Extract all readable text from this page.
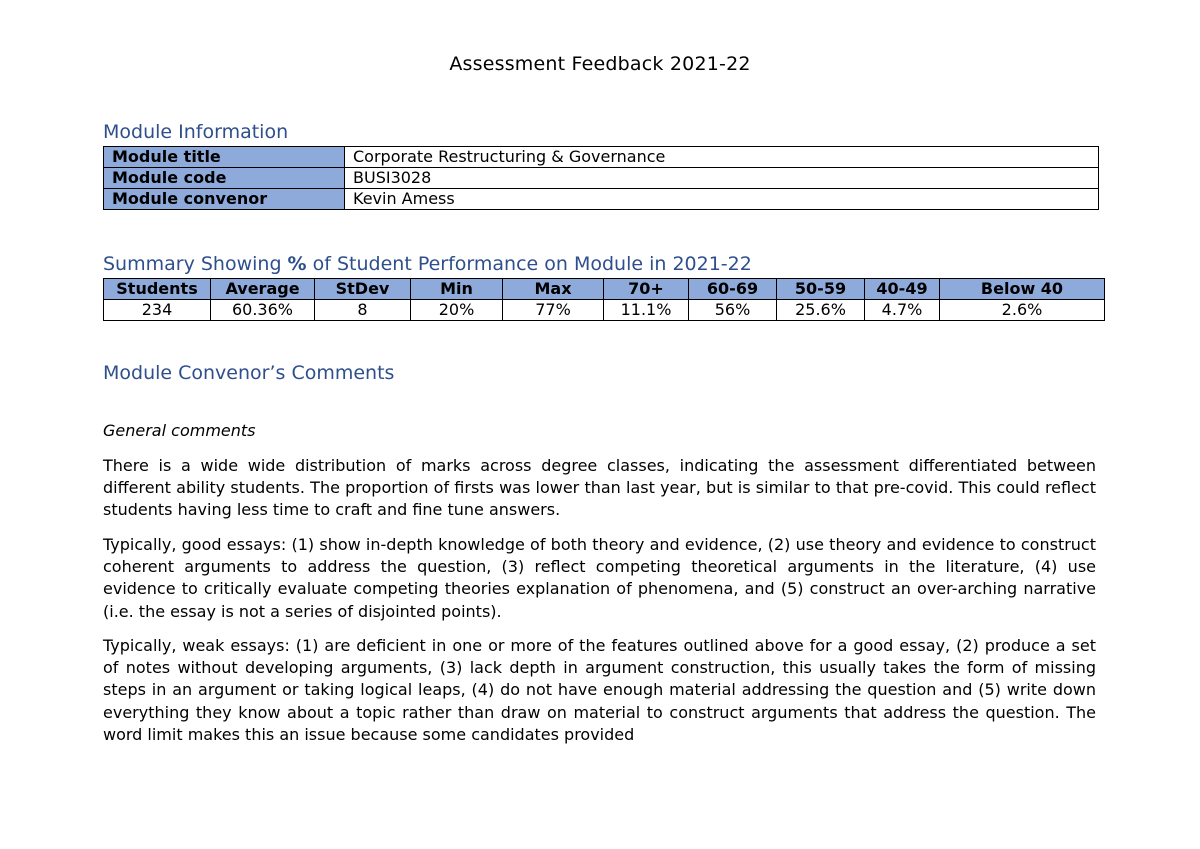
Assessment Feedback 2021-22
Module Information
Module title	Corporate Restructuring & Governance
Module code	BUSI3028
Module convenor	Kevin Amess
Summary Showing % of Student Performance on Module in 2021-22
Students	Average	StDev	Min	Max	70+	60-69	50-59	40-49	Below 40
234	60.36%	8	20%	77%	11.1%	56%	25.6%	4.7%	2.6%
Module Convenor’s Comments
General comments

There is a wide wide distribution of marks across degree classes, indicating the assessment differentiated between different ability students. The proportion of firsts was lower than last year, but is similar to that pre-covid. This could reflect students having less time to craft and fine tune answers.

Typically, good essays: (1) show in-depth knowledge of both theory and evidence, (2) use theory and evidence to construct coherent arguments to address the question, (3) reflect competing theoretical arguments in the literature, (4) use evidence to critically evaluate competing theories explanation of phenomena, and (5) construct an over-arching narrative (i.e. the essay is not a series of disjointed points).

Typically, weak essays: (1) are deficient in one or more of the features outlined above for a good essay, (2) produce a set of notes without developing arguments, (3) lack depth in argument construction, this usually takes the form of missing steps in an argument or taking logical leaps, (4) do not have enough material addressing the question and (5) write down everything they know about a topic rather than draw on material to construct arguments that address the question. The word limit makes this an issue because some candidates provided
